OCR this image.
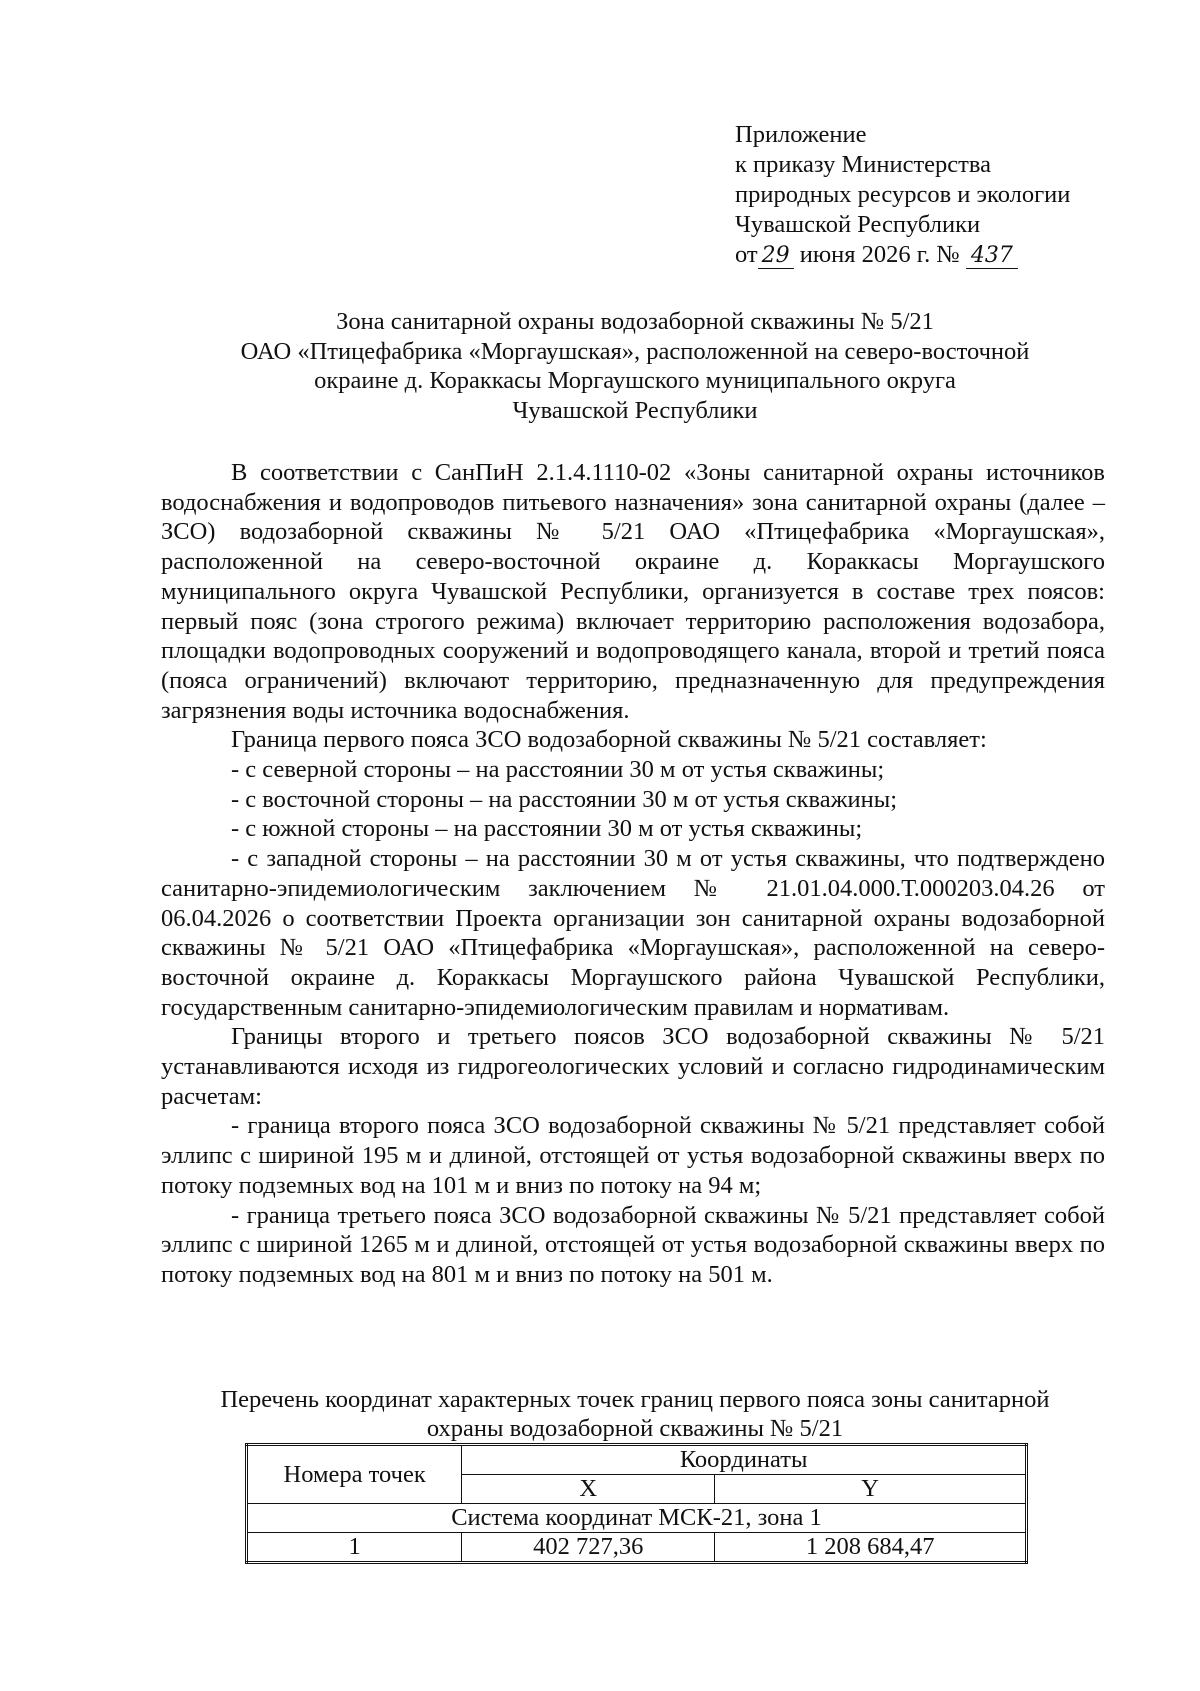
Приложение
к приказу Министерства
природных ресурсов и экологии
Чувашской Республики
от 29 июня 2026 г. № 437
Зона санитарной охраны водозаборной скважины № 5/21
ОАО «Птицефабрика «Моргаушская», расположенной на северо-восточной
окраине д. Кораккасы Моргаушского муниципального округа
Чувашской Республики

В соответствии с СанПиН 2.1.4.1110-02 «Зоны санитарной охраны источников водоснабжения и водопроводов питьевого назначения» зона санитарной охраны (далее – ЗСО) водозаборной скважины № 5/21 ОАО «Птицефабрика «Моргаушская», расположенной на северо-восточной окраине д. Кораккасы Моргаушского муниципального округа Чувашской Республики, организуется в составе трех поясов: первый пояс (зона строгого режима) включает территорию расположения водозабора, площадки водопроводных сооружений и водопроводящего канала, второй и третий пояса (пояса ограничений) включают территорию, предназначенную для предупреждения загрязнения воды источника водоснабжения.

Граница первого пояса ЗСО водозаборной скважины № 5/21 составляет:

- с северной стороны – на расстоянии 30 м от устья скважины;

- с восточной стороны – на расстоянии 30 м от устья скважины;

- с южной стороны – на расстоянии 30 м от устья скважины;

- с западной стороны – на расстоянии 30 м от устья скважины, что подтверждено санитарно-эпидемиологическим заключением № 21.01.04.000.Т.000203.04.26 от 06.04.2026 о соответствии Проекта организации зон санитарной охраны водозаборной скважины № 5/21 ОАО «Птицефабрика «Моргаушская», расположенной на северо-восточной окраине д. Кораккасы Моргаушского района Чувашской Республики, государственным санитарно-эпидемиологическим правилам и нормативам.

Границы второго и третьего поясов ЗСО водозаборной скважины № 5/21 устанавливаются исходя из гидрогеологических условий и согласно гидродинамическим расчетам:

- граница второго пояса ЗСО водозаборной скважины № 5/21 представляет собой эллипс с шириной 195 м и длиной, отстоящей от устья водозаборной скважины вверх по потоку подземных вод на 101 м и вниз по потоку на 94 м;

- граница третьего пояса ЗСО водозаборной скважины № 5/21 представляет собой эллипс с шириной 1265 м и длиной, отстоящей от устья водозаборной скважины вверх по потоку подземных вод на 801 м и вниз по потоку на 501 м.

Перечень координат характерных точек границ первого пояса зоны санитарной
охраны водозаборной скважины № 5/21
Номера точек	Координаты	
	X	Y
Система координат МСК-21, зона 1		
1	402 727,36	1 208 684,47
